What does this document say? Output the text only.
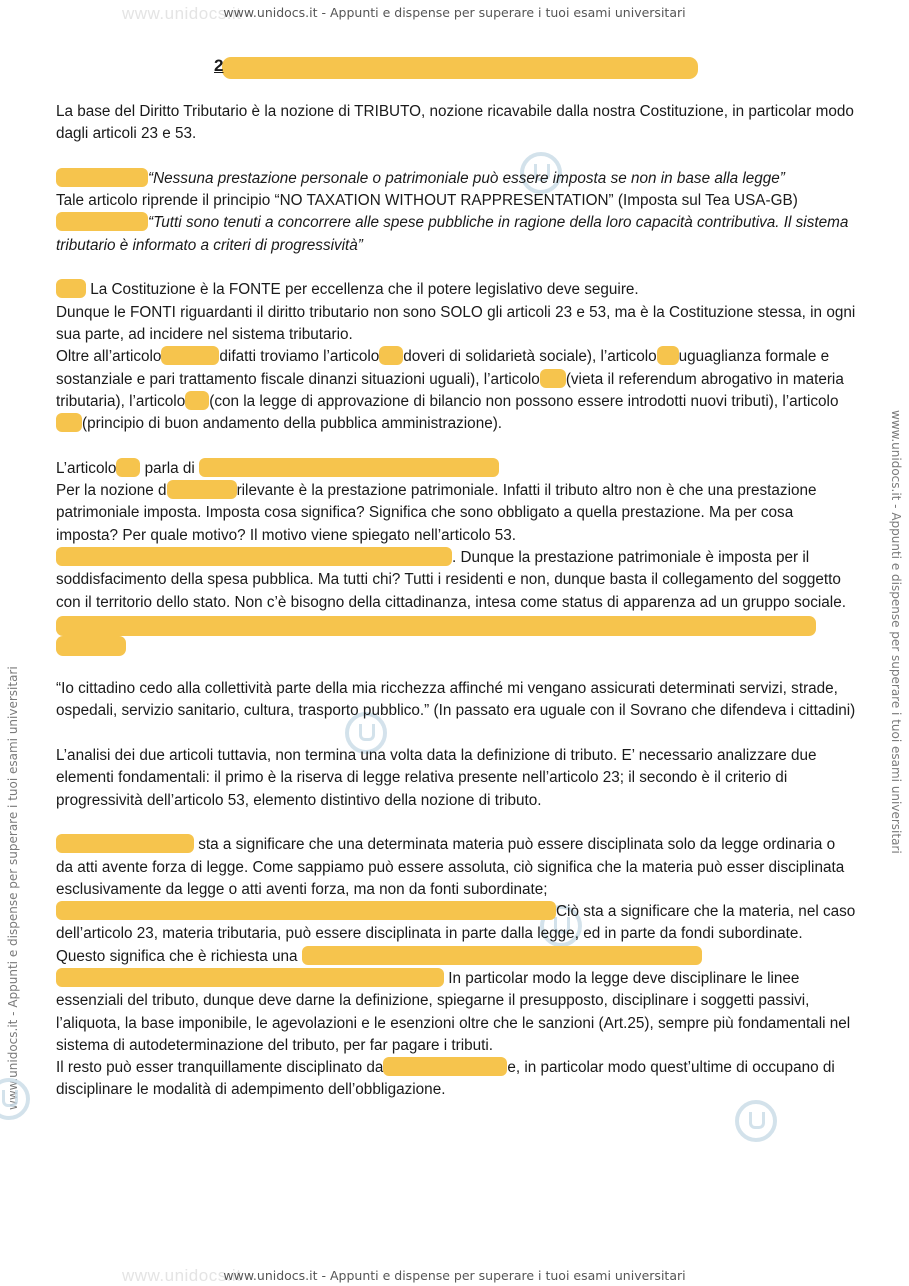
www.unidocs.it
www.unidocs.it
www.unidocs.it - Appunti e dispense per superare i tuoi esami universitari
www.unidocs.it - Appunti e dispense per superare i tuoi esami universitari
www.unidocs.it - Appunti e dispense per superare i tuoi esami universitari
www.unidocs.it - Appunti e dispense per superare i tuoi esami universitari
2

La base del Diritto Tributario è la nozione di TRIBUTO, nozione ricavabile dalla nostra Costituzione, in particolar modo dagli articoli 23 e 53.

“Nessuna prestazione personale o patrimoniale può essere imposta se non in base alla legge”
Tale articolo riprende il principio “NO TAXATION WITHOUT RAPPRESENTATION” (Imposta sul Tea USA-GB)
“Tutti sono tenuti a concorrere alle spese pubbliche in ragione della loro capacità contributiva. Il sistema tributario è informato a criteri di progressività”

La Costituzione è la FONTE per eccellenza che il potere legislativo deve seguire.
Dunque le FONTI riguardanti il diritto tributario non sono SOLO gli articoli 23 e 53, ma è la Costituzione stessa, in ogni sua parte, ad incidere nel sistema tributario.
Oltre all’articolo	difatti troviamo l’articolo doveri di solidarietà sociale), l’articolo uguaglianza formale e sostanziale e pari trattamento fiscale dinanzi situazioni uguali), l’articolo (vieta il referendum abrogativo in materia tributaria), l’articolo (con la legge di approvazione di bilancio non possono essere introdotti nuovi tributi), l’articolo(principio di buon andamento della pubblica amministrazione).

L’articolo parla di
Per la nozione d	rilevante è la prestazione patrimoniale. Infatti il tributo altro non è che una prestazione patrimoniale imposta. Imposta cosa significa? Significa che sono obbligato a quella prestazione. Ma per cosa imposta? Per quale motivo? Il motivo viene spiegato nell’articolo 53. . Dunque la prestazione patrimoniale è imposta per il soddisfacimento della spesa pubblica. Ma tutti chi? Tutti i residenti e non, dunque basta il collegamento del soggetto con il territorio dello stato. Non c’è bisogno della cittadinanza, intesa come status di apparenza ad un gruppo sociale.

“Io cittadino cedo alla collettività parte della mia ricchezza affinché mi vengano assicurati determinati servizi, strade, ospedali, servizio sanitario, cultura, trasporto pubblico.” (In passato era uguale con il Sovrano che difendeva i cittadini)

L’analisi dei due articoli tuttavia, non termina una volta data la definizione di tributo. E’ necessario analizzare due elementi fondamentali: il primo è la riserva di legge relativa presente nell’articolo 23; il secondo è il criterio di progressività dell’articolo 53, elemento distintivo della nozione di tributo.

sta a significare che una determinata materia può essere disciplinata solo da legge ordinaria o da atti avente forza di legge. Come sappiamo può essere assoluta, ciò significa che la materia può esser disciplinata esclusivamente da legge o atti aventi forza, ma non da fonti subordinate; Ciò sta a significare che la materia, nel caso dell’articolo 23, materia tributaria, può essere disciplinata in parte dalla legge, ed in parte da fondi subordinate. Questo significa che è richiesta una   In particolar modo la legge deve disciplinare le linee essenziali del tributo, dunque deve darne la definizione, spiegarne il presupposto, disciplinare i soggetti passivi, l’aliquota, la base imponibile, le agevolazioni e le esenzioni oltre che le sanzioni (Art.25), sempre più fondamentali nel sistema di autodeterminazione del tributo, per far pagare i tributi.
Il resto può esser tranquillamente disciplinato da	e, in particolar modo quest’ultime di occupano di disciplinare le modalità di adempimento dell’obbligazione.
